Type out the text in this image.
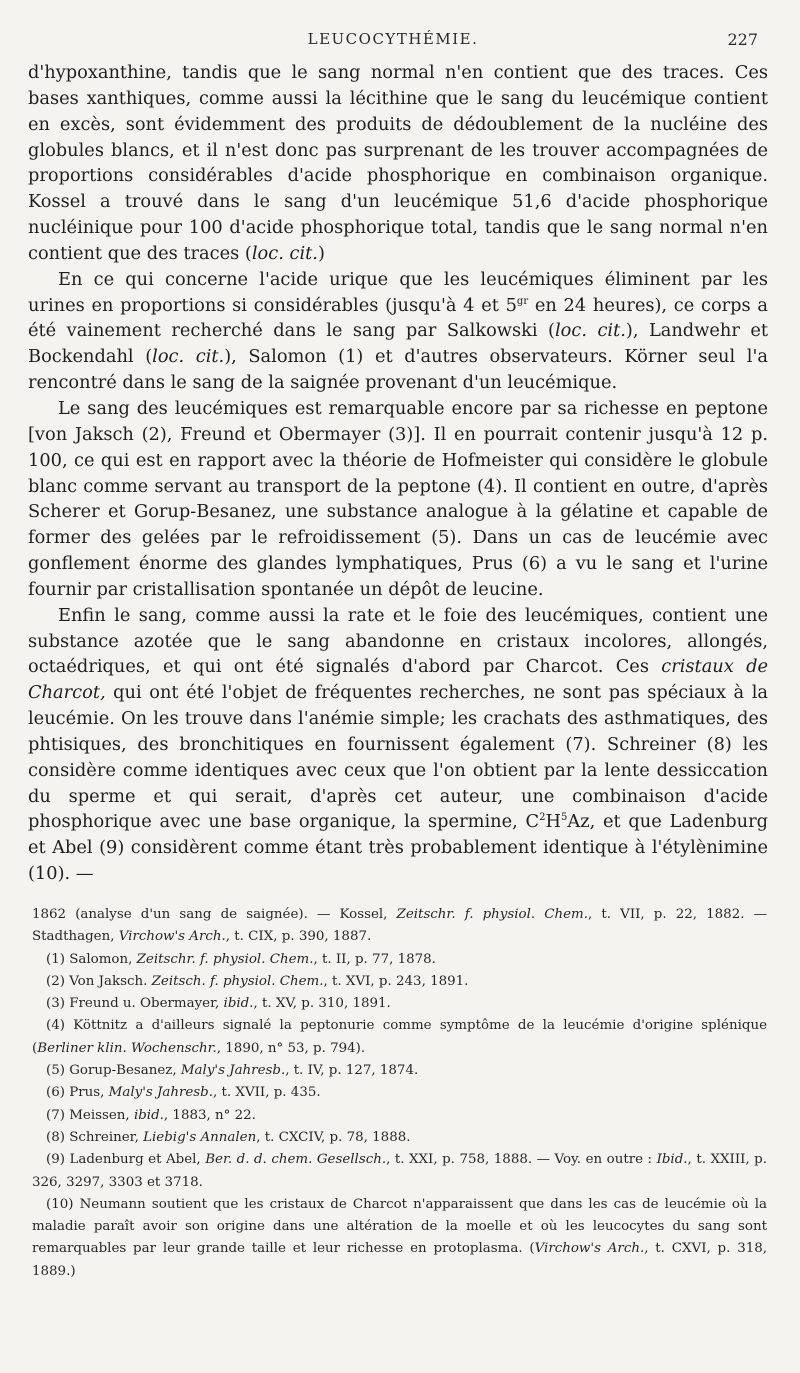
LEUCOCYTHÉMIE.	227

d'hypoxanthine, tandis que le sang normal n'en contient que des traces. Ces bases xanthiques, comme aussi la lécithine que le sang du leucémique contient en excès, sont évidemment des produits de dédoublement de la nucléine des globules blancs, et il n'est donc pas surprenant de les trouver accompagnées de proportions considérables d'acide phosphorique en combinaison organique. Kossel a trouvé dans le sang d'un leucémique 51,6 d'acide phosphorique nucléinique pour 100 d'acide phosphorique total, tandis que le sang normal n'en contient que des traces (loc. cit.)

En ce qui concerne l'acide urique que les leucémiques éliminent par les urines en proportions si considérables (jusqu'à 4 et $5^{gr}$ en 24 heures), ce corps a été vainement recherché dans le sang par Salkowski (loc. cit.), Landwehr et Bockendahl (loc. cit.), Salomon (1) et d'autres observateurs. Körner seul l'a rencontré dans le sang de la saignée provenant d'un leucémique.

Le sang des leucémiques est remarquable encore par sa richesse en peptone [von Jaksch (2), Freund et Obermayer (3)]. Il en pourrait contenir jusqu'à 12 p. 100, ce qui est en rapport avec la théorie de Hofmeister qui considère le globule blanc comme servant au transport de la peptone (4). Il contient en outre, d'après Scherer et Gorup-Besanez, une substance analogue à la gélatine et capable de former des gelées par le refroidissement (5). Dans un cas de leucémie avec gonflement énorme des glandes lymphatiques, Prus (6) a vu le sang et l'urine fournir par cristallisation spontanée un dépôt de leucine.

Enfin le sang, comme aussi la rate et le foie des leucémiques, contient une substance azotée que le sang abandonne en cristaux incolores, allongés, octaédriques, et qui ont été signalés d'abord par Charcot. Ces cristaux de Charcot, qui ont été l'objet de fréquentes recherches, ne sont pas spéciaux à la leucémie. On les trouve dans l'anémie simple; les crachats des asthmatiques, des phtisiques, des bronchitiques en fournissent également (7). Schreiner (8) les considère comme identiques avec ceux que l'on obtient par la lente dessiccation du sperme et qui serait, d'après cet auteur, une combinaison d'acide phosphorique avec une base organique, la spermine, $C^2H^5Az$, et que Ladenburg et Abel (9) considèrent comme étant très probablement identique à l'étylènimine (10). —

1862 (analyse d'un sang de saignée). — Kossel, Zeitschr. f. physiol. Chem., t. VII, p. 22, 1882. — Stadthagen, Virchow's Arch., t. CIX, p. 390, 1887.

(1) Salomon, Zeitschr. f. physiol. Chem., t. II, p. 77, 1878.

(2) Von Jaksch. Zeitsch. f. physiol. Chem., t. XVI, p. 243, 1891.

(3) Freund u. Obermayer, ibid., t. XV, p. 310, 1891.

(4) Köttnitz a d'ailleurs signalé la peptonurie comme symptôme de la leucémie d'origine splénique (Berliner klin. Wochenschr., 1890, n° 53, p. 794).

(5) Gorup-Besanez, Maly's Jahresb., t. IV, p. 127, 1874.

(6) Prus, Maly's Jahresb., t. XVII, p. 435.

(7) Meissen, ibid., 1883, n° 22.

(8) Schreiner, Liebig's Annalen, t. CXCIV, p. 78, 1888.

(9) Ladenburg et Abel, Ber. d. d. chem. Gesellsch., t. XXI, p. 758, 1888. — Voy. en outre : Ibid., t. XXIII, p. 326, 3297, 3303 et 3718.

(10) Neumann soutient que les cristaux de Charcot n'apparaissent que dans les cas de leucémie où la maladie paraît avoir son origine dans une altération de la moelle et où les leucocytes du sang sont remarquables par leur grande taille et leur richesse en protoplasma. (Virchow's Arch., t. CXVI, p. 318, 1889.)
